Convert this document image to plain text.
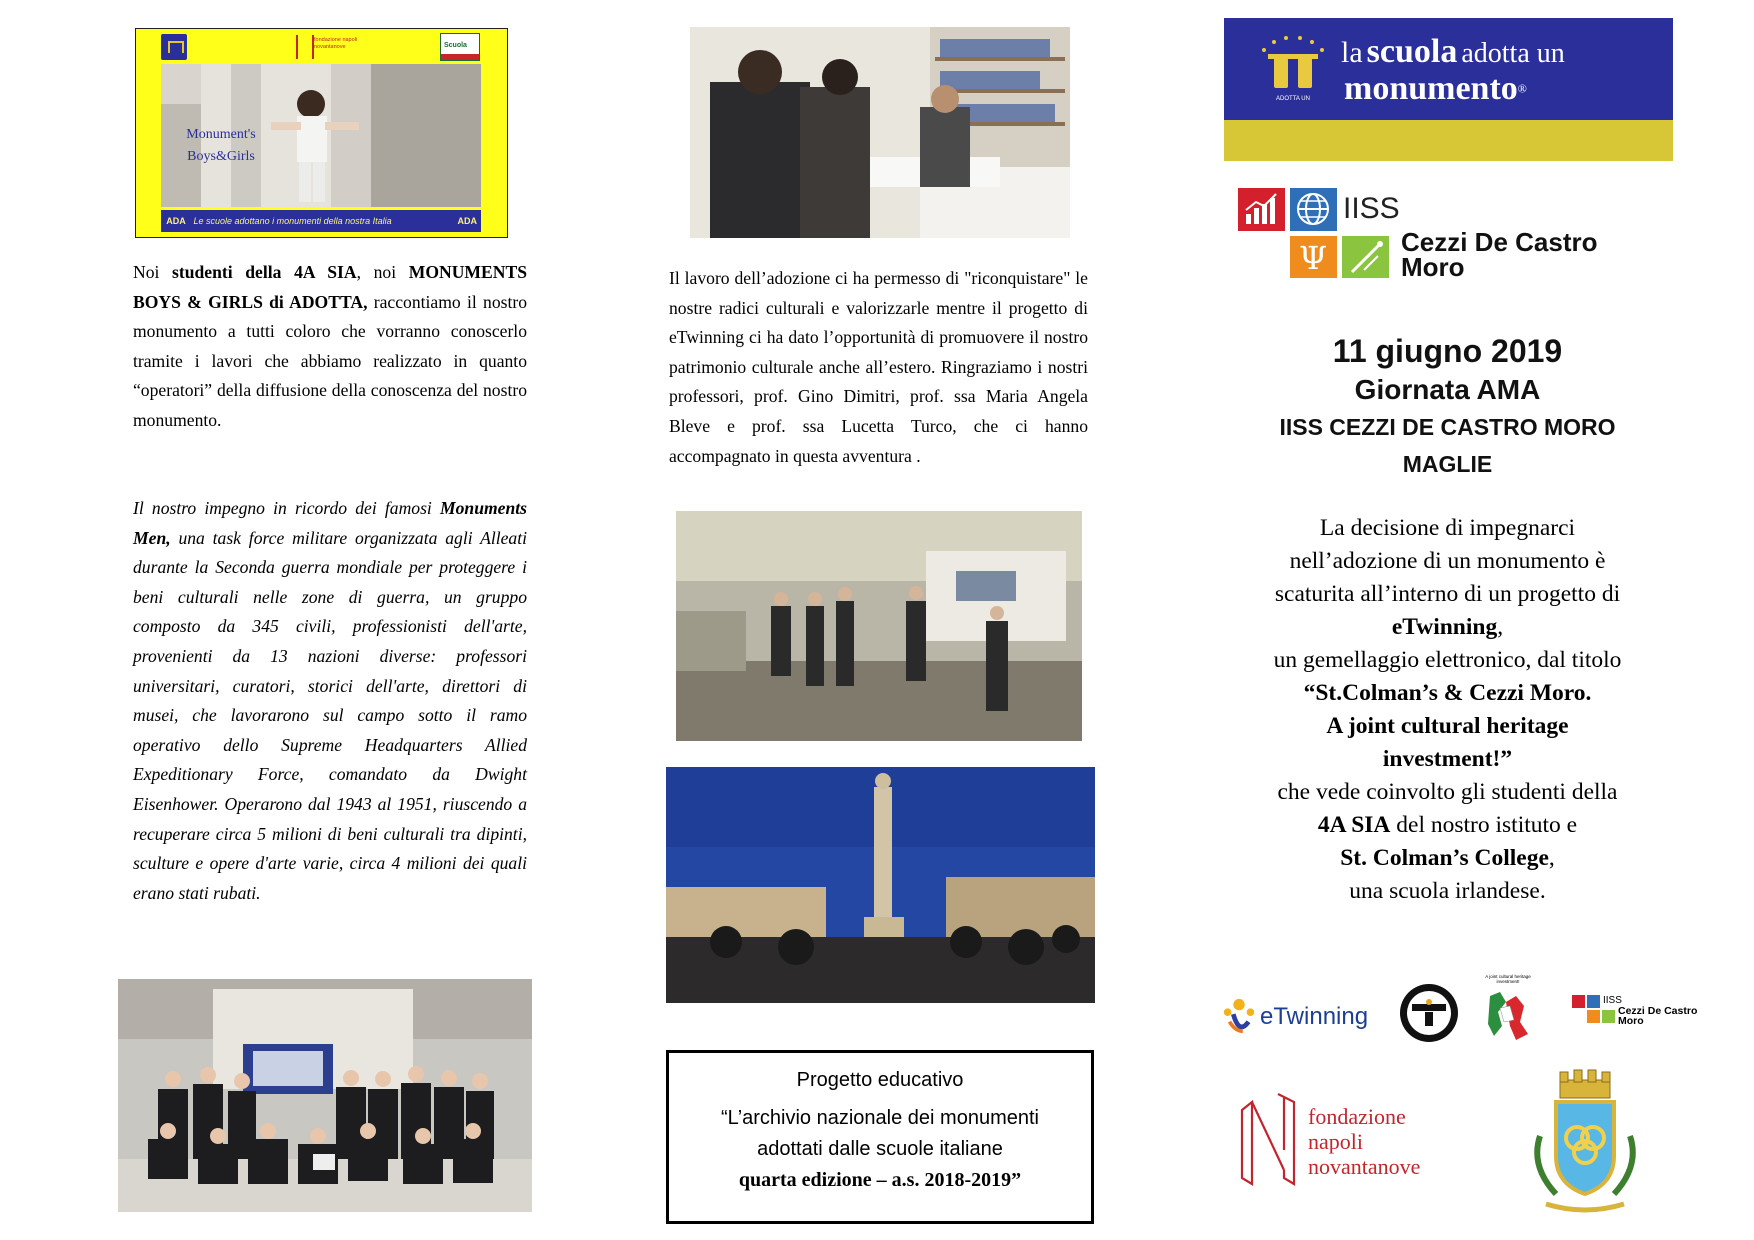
fondazione napoli novantanove	Scuola
Monument's
Boys&Girls
ADA Le scuole adottano i monumenti della nostra Italia	ADA

Noi studenti della 4A SIA, noi MONUMENTS BOYS & GIRLS di ADOTTA, raccontiamo il nostro monumento a tutti coloro che vorranno conoscerlo tramite i lavori che abbiamo realizzato in quanto “operatori” della diffusione della conoscenza del nostro monumento.

Il nostro impegno in ricordo dei famosi Monuments Men, una task force militare organizzata agli Alleati durante la Seconda guerra mondiale per proteggere i beni culturali nelle zone di guerra, un gruppo composto da 345 civili, professionisti dell'arte, provenienti da 13 nazioni diverse: professori universitari, curatori, storici dell'arte, direttori di musei, che lavorarono sul campo sotto il ramo operativo dello Supreme Headquarters Allied Expeditionary Force, comandato da Dwight Eisenhower. Operarono dal 1943 al 1951, riuscendo a recuperare circa 5 milioni di beni culturali tra dipinti, sculture e opere d'arte varie, circa 4 milioni dei quali erano stati rubati.

Il lavoro dell’adozione ci ha permesso di "riconquistare" le nostre radici culturali e valorizzarle mentre il progetto di eTwinning ci ha dato l’opportunità di promuovere il nostro patrimonio culturale anche all’estero. Ringraziamo i nostri professori, prof. Gino Dimitri, prof. ssa Maria Angela Bleve e prof. ssa Lucetta Turco, che ci hanno accompagnato in questa avventura .
Progetto educativo
“L’archivio nazionale dei monumenti
adottati dalle scuole italiane
quarta edizione – a.s. 2018-2019”
ADOTTA UN
la scuola adotta un
monumento®
IISS
Ψ	Cezzi De Castro
Moro
11 giugno 2019
Giornata AMA
IISS CEZZI DE CASTRO MORO
MAGLIE
La decisione di impegnarci
nell’adozione di un monumento è
scaturita all’interno di un progetto di
eTwinning,
un gemellaggio elettronico, dal titolo
“St.Colman’s & Cezzi Moro.
A joint cultural heritage
investment!”
che vede coinvolto gli studenti della
4A SIA del nostro istituto e
St. Colman’s College,
una scuola irlandese.
eTwinning
A joint cultural heritage investment!
IISS
Cezzi De Castro
Moro
fondazione
napoli
novantanove
